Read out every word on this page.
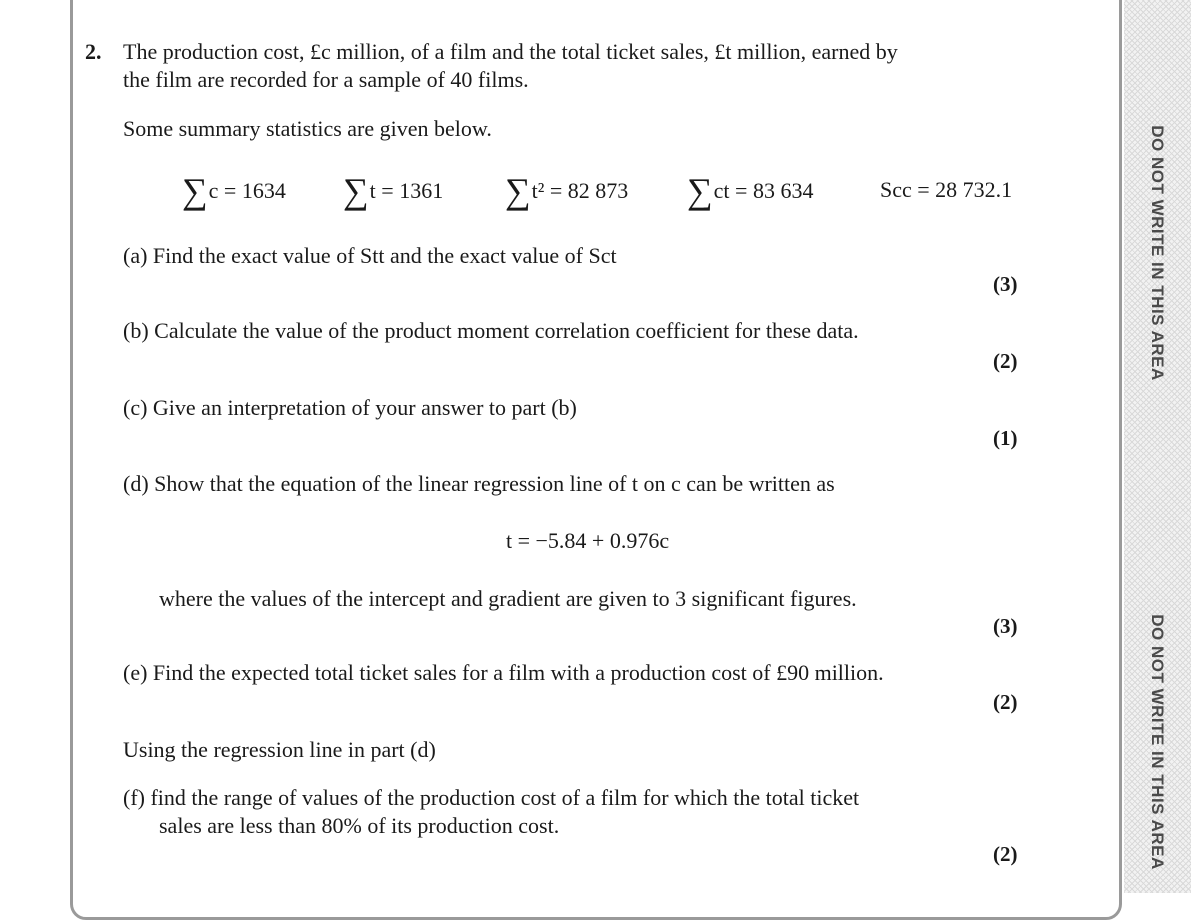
2. The production cost, £c million, of a film and the total ticket sales, £t million, earned by
the film are recorded for a sample of 40 films.
Some summary statistics are given below.
∑c = 1634 ∑t = 1361 ∑t² = 82 873 ∑ct = 83 634	Scc = 28 732.1
(a) Find the exact value of Stt and the exact value of Sct
(3)
(b) Calculate the value of the product moment correlation coefficient for these data.
(2)
(c) Give an interpretation of your answer to part (b)
(1)
(d) Show that the equation of the linear regression line of t on c can be written as
t = −5.84 + 0.976c
where the values of the intercept and gradient are given to 3 significant figures.
(3)
(e) Find the expected total ticket sales for a film with a production cost of £90 million.
(2)
Using the regression line in part (d)
(f) find the range of values of the production cost of a film for which the total ticket
sales are less than 80% of its production cost.
(2)
DO NOT WRITE IN THIS AREA
DO NOT WRITE IN THIS AREA
